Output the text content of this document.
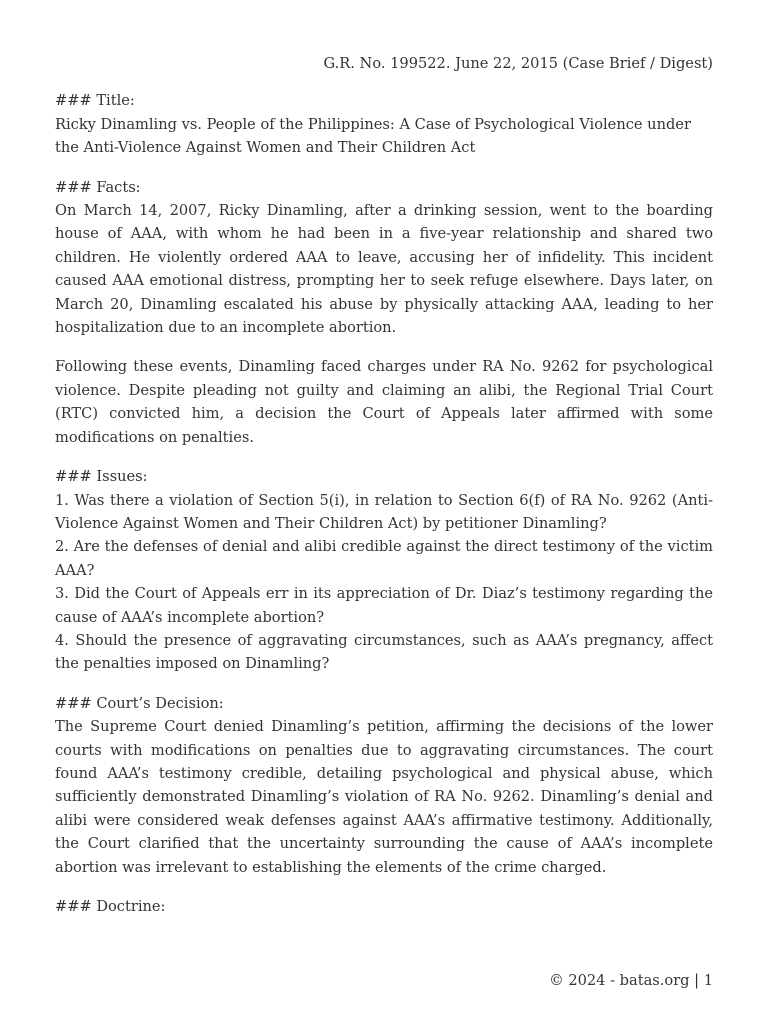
G.R. No. 199522. June 22, 2015 (Case Brief / Digest)

### Title:

Ricky Dinamling vs. People of the Philippines: A Case of Psychological Violence under the Anti-Violence Against Women and Their Children Act

### Facts:

On March 14, 2007, Ricky Dinamling, after a drinking session, went to the boarding house of AAA, with whom he had been in a five-year relationship and shared two children. He violently ordered AAA to leave, accusing her of infidelity. This incident caused AAA emotional distress, prompting her to seek refuge elsewhere. Days later, on March 20, Dinamling escalated his abuse by physically attacking AAA, leading to her hospitalization due to an incomplete abortion.

Following these events, Dinamling faced charges under RA No. 9262 for psychological violence. Despite pleading not guilty and claiming an alibi, the Regional Trial Court (RTC) convicted him, a decision the Court of Appeals later affirmed with some modifications on penalties.

### Issues:

1. Was there a violation of Section 5(i), in relation to Section 6(f) of RA No. 9262 (Anti-Violence Against Women and Their Children Act) by petitioner Dinamling?
2. Are the defenses of denial and alibi credible against the direct testimony of the victim AAA?
3. Did the Court of Appeals err in its appreciation of Dr. Diaz’s testimony regarding the cause of AAA’s incomplete abortion?
4. Should the presence of aggravating circumstances, such as AAA’s pregnancy, affect the penalties imposed on Dinamling?

### Court’s Decision:

The Supreme Court denied Dinamling’s petition, affirming the decisions of the lower courts with modifications on penalties due to aggravating circumstances. The court found AAA’s testimony credible, detailing psychological and physical abuse, which sufficiently demonstrated Dinamling’s violation of RA No. 9262. Dinamling’s denial and alibi were considered weak defenses against AAA’s affirmative testimony. Additionally, the Court clarified that the uncertainty surrounding the cause of AAA’s incomplete abortion was irrelevant to establishing the elements of the crime charged.

### Doctrine:

© 2024 - batas.org | 1
